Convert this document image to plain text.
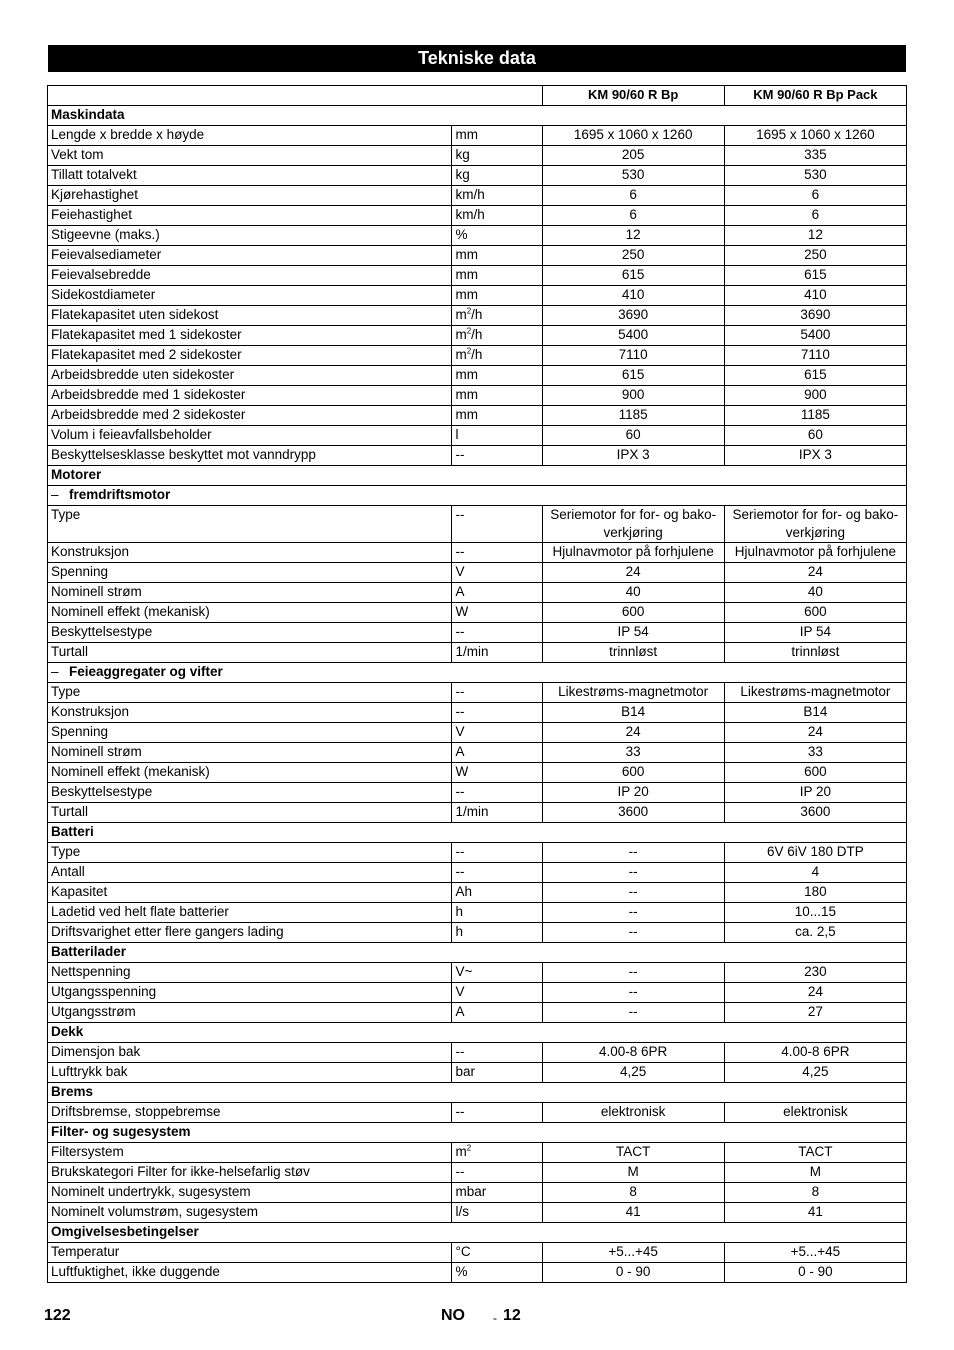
Tekniske data
		KM 90/60 R Bp	KM 90/60 R Bp Pack
Maskindata			
Lengde x bredde x høyde	mm	1695 x 1060 x 1260	1695 x 1060 x 1260
Vekt tom	kg	205	335
Tillatt totalvekt	kg	530	530
Kjørehastighet	km/h	6	6
Feiehastighet	km/h	6	6
Stigeevne (maks.)	%	12	12
Feievalsediameter	mm	250	250
Feievalsebredde	mm	615	615
Sidekostdiameter	mm	410	410
Flatekapasitet uten sidekost	$m^2/h$	3690	3690
Flatekapasitet med 1 sidekoster	$m^2/h$	5400	5400
Flatekapasitet med 2 sidekoster	$m^2/h$	7110	7110
Arbeidsbredde uten sidekoster	mm	615	615
Arbeidsbredde med 1 sidekoster	mm	900	900
Arbeidsbredde med 2 sidekoster	mm	1185	1185
Volum i feieavfallsbeholder	l	60	60
Beskyttelsesklasse beskyttet mot vanndrypp	--	IPX 3	IPX 3
Motorer			
– fremdriftsmotor			
Type	--	Seriemotor for for- og bakoverkjøring	Seriemotor for for- og bakoverkjøring
Konstruksjon	--	Hjulnavmotor på forhjulene	Hjulnavmotor på forhjulene
Spenning	V	24	24
Nominell strøm	A	40	40
Nominell effekt (mekanisk)	W	600	600
Beskyttelsestype	--	IP 54	IP 54
Turtall	1/min	trinnløst	trinnløst
– Feieaggregater og vifter			
Type	--	Likestrøms-magnetmotor	Likestrøms-magnetmotor
Konstruksjon	--	B14	B14
Spenning	V	24	24
Nominell strøm	A	33	33
Nominell effekt (mekanisk)	W	600	600
Beskyttelsestype	--	IP 20	IP 20
Turtall	1/min	3600	3600
Batteri			
Type	--	--	6V 6iV 180 DTP
Antall	--	--	4
Kapasitet	Ah	--	180
Ladetid ved helt flate batterier	h	--	10...15
Driftsvarighet etter flere gangers lading	h	--	ca. 2,5
Batterilader			
Nettspenning	V~	--	230
Utgangsspenning	V	--	24
Utgangsstrøm	A	--	27
Dekk			
Dimensjon bak	--	4.00-8 6PR	4.00-8 6PR
Lufttrykk bak	bar	4,25	4,25
Brems			
Driftsbremse, stoppebremse	--	elektronisk	elektronisk
Filter- og sugesystem			
Filtersystem	$m^2$	TACT	TACT
Brukskategori Filter for ikke-helsefarlig støv	--	M	M
Nominelt undertrykk, sugesystem	mbar	8	8
Nominelt volumstrøm, sugesystem	l/s	41	41
Omgivelsesbetingelser			
Temperatur	°C	+5...+45	+5...+45
Luftfuktighet, ikke duggende	%	0 - 90	0 - 90
122	NO - 12
